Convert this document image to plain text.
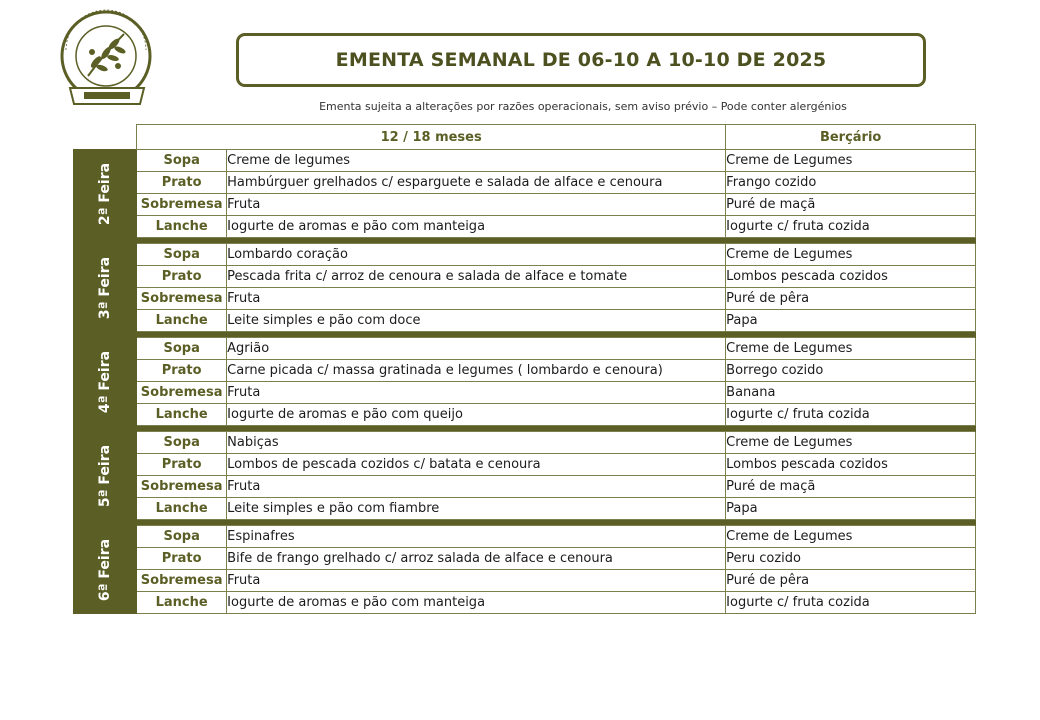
EMENTA SEMANAL DE 06-10 A 10-10 DE 2025
Ementa sujeita a alterações por razões operacionais, sem aviso prévio – Pode conter alergénios
	12 / 18 meses		Berçário
2ª Feira	Sopa	Creme de legumes	Creme de Legumes
	Prato	Hambúrguer grelhados c/ esparguete e salada de alface e cenoura	Frango cozido
	Sobremesa	Fruta	Puré de maçã
	Lanche	Iogurte de aromas e pão com manteiga	Iogurte c/ fruta cozida

3ª Feira	Sopa	Lombardo coração	Creme de Legumes
	Prato	Pescada frita c/ arroz de cenoura e salada de alface e tomate	Lombos pescada cozidos
	Sobremesa	Fruta	Puré de pêra
	Lanche	Leite simples e pão com doce	Papa

4ª Feira	Sopa	Agrião	Creme de Legumes
	Prato	Carne picada c/ massa gratinada e legumes ( lombardo e cenoura)	Borrego cozido
	Sobremesa	Fruta	Banana
	Lanche	Iogurte de aromas e pão com queijo	Iogurte c/ fruta cozida

5ª Feira	Sopa	Nabiças	Creme de Legumes
	Prato	Lombos de pescada cozidos c/ batata e cenoura	Lombos pescada cozidos
	Sobremesa	Fruta	Puré de maçã
	Lanche	Leite simples e pão com fiambre	Papa

6ª Feira	Sopa	Espinafres	Creme de Legumes
	Prato	Bife de frango grelhado c/ arroz salada de alface e cenoura	Peru cozido
	Sobremesa	Fruta	Puré de pêra
	Lanche	Iogurte de aromas e pão com manteiga	Iogurte c/ fruta cozida
